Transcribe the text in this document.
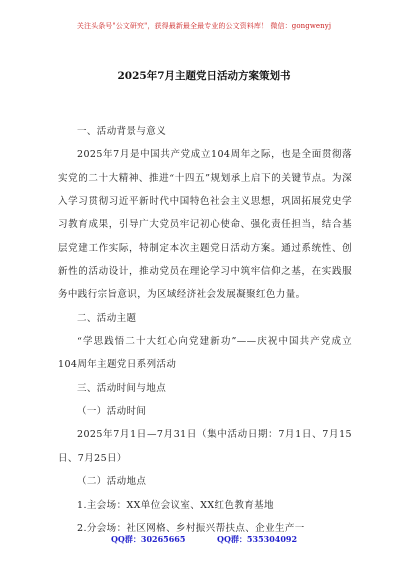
关注头条号"公文研究"，获得最新最全最专业的公文资料库！ 微信：gongwenyj
2025年7月主题党日活动方案策划书

一、活动背景与意义

2025年7月是中国共产党成立104周年之际，也是全面贯彻落实党的二十大精神、推进“十四五”规划承上启下的关键节点。为深入学习贯彻习近平新时代中国特色社会主义思想，巩固拓展党史学习教育成果，引导广大党员牢记初心使命、强化责任担当，结合基层党建工作实际，特制定本次主题党日活动方案。通过系统性、创新性的活动设计，推动党员在理论学习中筑牢信仰之基，在实践服务中践行宗旨意识，为区域经济社会发展凝聚红色力量。

二、活动主题

“学思践悟二十大红心向党建新功”——庆祝中国共产党成立104周年主题党日系列活动

三、活动时间与地点

（一）活动时间

2025年7月1日—7月31日（集中活动日期：7月1日、7月15日、7月25日）

（二）活动地点

1.主会场：XX单位会议室、XX红色教育基地

2.分会场：社区网格、乡村振兴帮扶点、企业生产一

QQ群：30265665	QQ群：535304092
